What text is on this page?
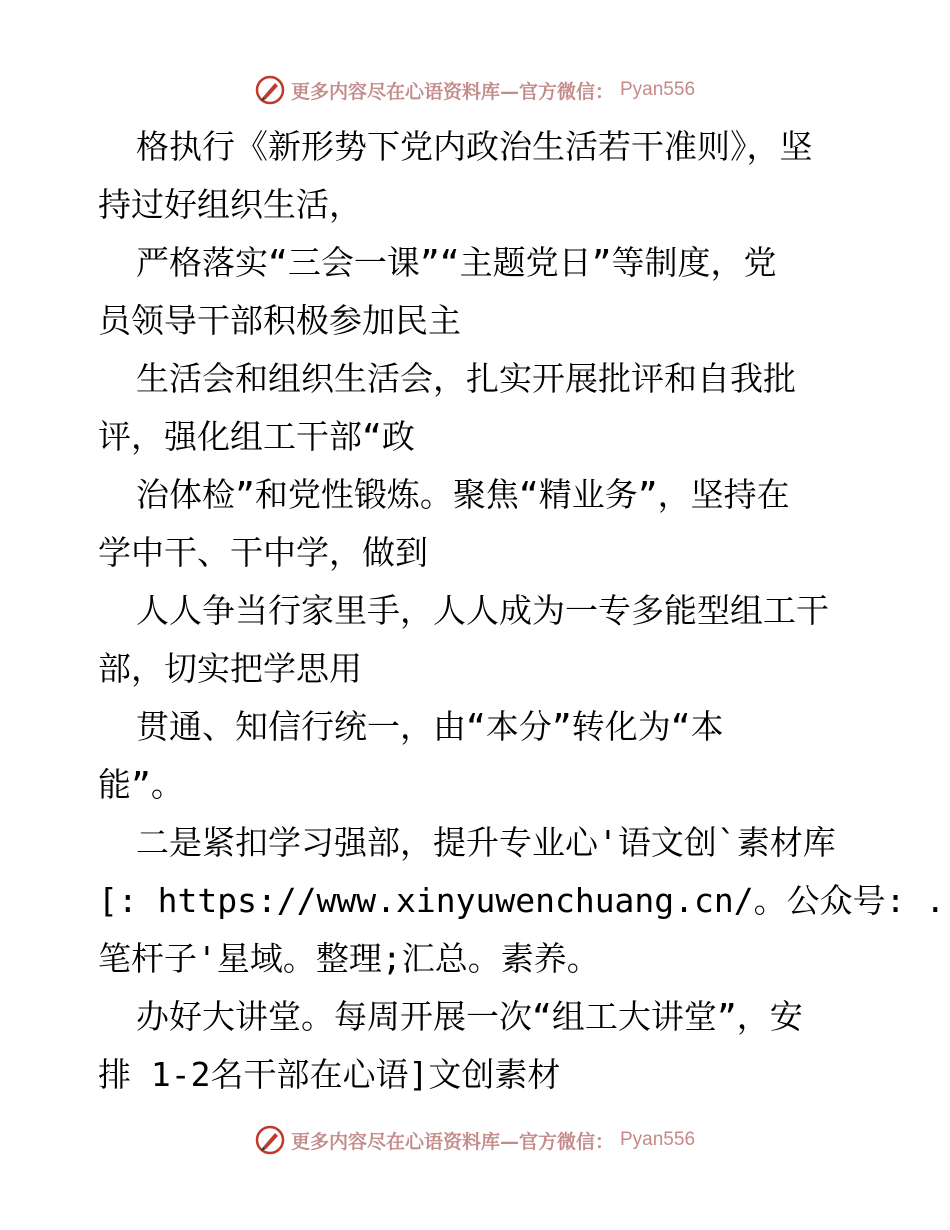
更多内容尽在心语资料库—官方微信： Pyan556
格执行《新形势下党内政治生活若干准则》，坚
持过好组织生活，
严格落实“三会一课”“主题党日”等制度，党
员领导干部积极参加民主
生活会和组织生活会，扎实开展批评和自我批
评，强化组工干部“政
治体检”和党性锻炼。聚焦“精业务”，坚持在
学中干、干中学，做到
人人争当行家里手，人人成为一专多能型组工干
部，切实把学思用
贯通、知信行统一，由“本分”转化为“本
能”。
二是紧扣学习强部，提升专业心'语文创`素材库
[: https://www.xinyuwenchuang.cn/。公众号: .
笔杆子'星域。整理;汇总。素养。
办好大讲堂。每周开展一次“组工大讲堂”，安
排 1-2名干部在心语]文创素材
更多内容尽在心语资料库—官方微信： Pyan556
